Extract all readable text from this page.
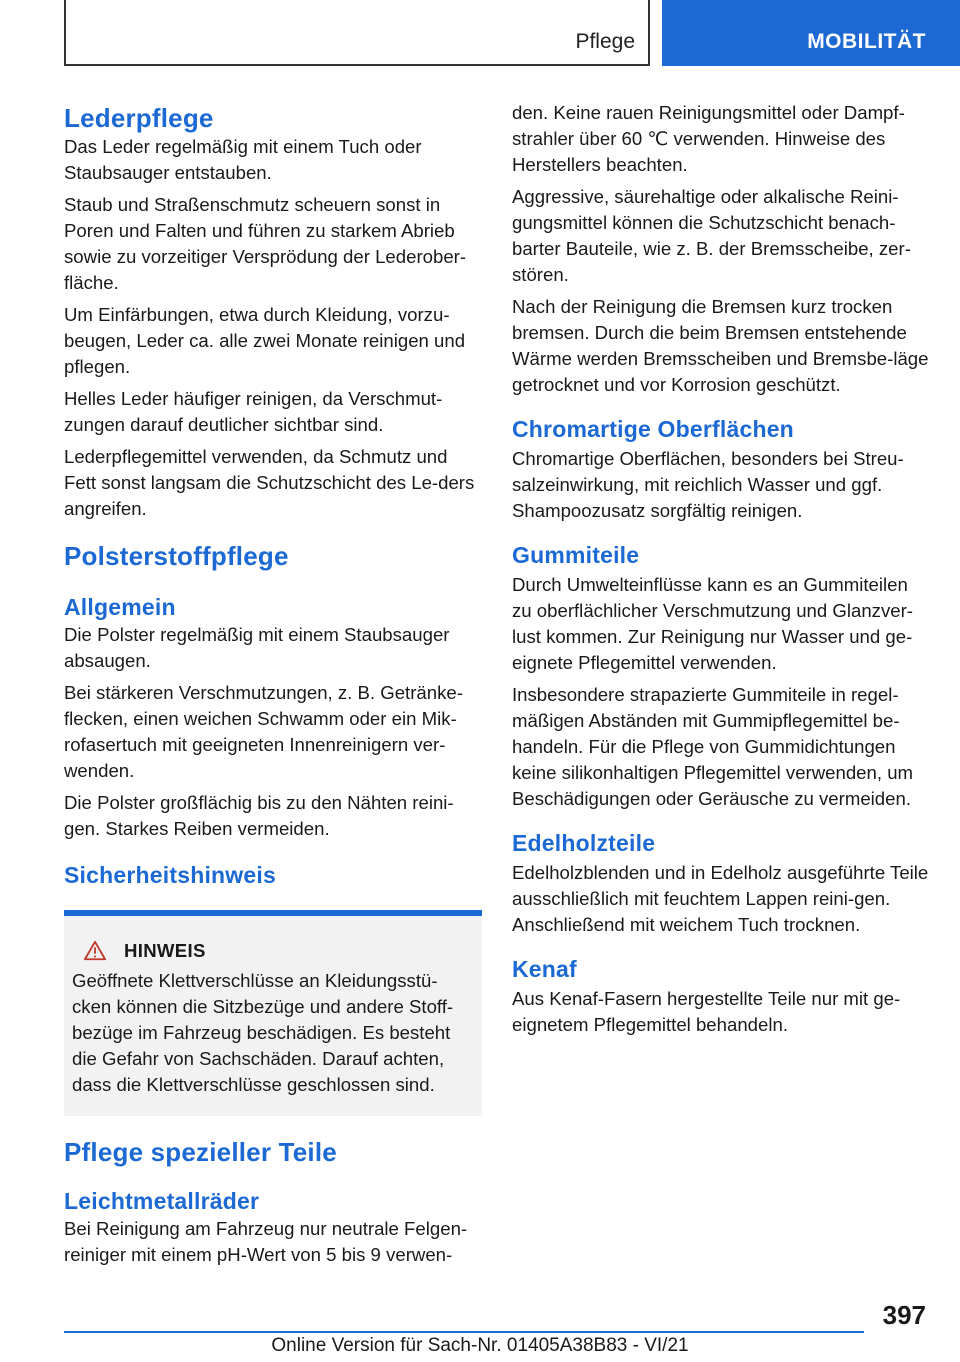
Pflege	MOBILITÄT
Lederpflege

Das Leder regelmäßig mit einem Tuch oder Staubsauger entstauben.

Staub und Straßenschmutz scheuern sonst in Poren und Falten und führen zu starkem Abrieb sowie zu vorzeitiger Versprödung der Lederober‐fläche.

Um Einfärbungen, etwa durch Kleidung, vorzu‐beugen, Leder ca. alle zwei Monate reinigen und pflegen.

Helles Leder häufiger reinigen, da Verschmut‐zungen darauf deutlicher sichtbar sind.

Lederpflegemittel verwenden, da Schmutz und Fett sonst langsam die Schutzschicht des Le‐ders angreifen.

Polsterstoffpflege
Allgemein

Die Polster regelmäßig mit einem Staubsauger absaugen.

Bei stärkeren Verschmutzungen, z. B. Getränke‐flecken, einen weichen Schwamm oder ein Mik‐rofasertuch mit geeigneten Innenreinigern ver‐wenden.

Die Polster großflächig bis zu den Nähten reini‐gen. Starkes Reiben vermeiden.

Sicherheitshinweis
HINWEIS

Geöffnete Klettverschlüsse an Kleidungsstü‐cken können die Sitzbezüge und andere Stoff‐bezüge im Fahrzeug beschädigen. Es besteht die Gefahr von Sachschäden. Darauf achten, dass die Klettverschlüsse geschlossen sind.

Pflege spezieller Teile
Leichtmetallräder

Bei Reinigung am Fahrzeug nur neutrale Felgen‐reiniger mit einem pH-Wert von 5 bis 9 verwen‐

den. Keine rauen Reinigungsmittel oder Dampf‐strahler über 60 ℃ verwenden. Hinweise des Herstellers beachten.

Aggressive, säurehaltige oder alkalische Reini‐gungsmittel können die Schutzschicht benach‐barter Bauteile, wie z. B. der Bremsscheibe, zer‐stören.

Nach der Reinigung die Bremsen kurz trocken bremsen. Durch die beim Bremsen entstehende Wärme werden Bremsscheiben und Bremsbe‐läge getrocknet und vor Korrosion geschützt.

Chromartige Oberflächen

Chromartige Oberflächen, besonders bei Streu‐salzeinwirkung, mit reichlich Wasser und ggf. Shampoozusatz sorgfältig reinigen.

Gummiteile

Durch Umwelteinflüsse kann es an Gummiteilen zu oberflächlicher Verschmutzung und Glanzver‐lust kommen. Zur Reinigung nur Wasser und ge‐eignete Pflegemittel verwenden.

Insbesondere strapazierte Gummiteile in regel‐mäßigen Abständen mit Gummipflegemittel be‐handeln. Für die Pflege von Gummidichtungen keine silikonhaltigen Pflegemittel verwenden, um Beschädigungen oder Geräusche zu vermeiden.

Edelholzteile

Edelholzblenden und in Edelholz ausgeführte Teile ausschließlich mit feuchtem Lappen reini‐gen. Anschließend mit weichem Tuch trocknen.

Kenaf

Aus Kenaf-Fasern hergestellte Teile nur mit ge‐eignetem Pflegemittel behandeln.

397
Online Version für Sach-Nr. 01405A38B83 - VI/21
